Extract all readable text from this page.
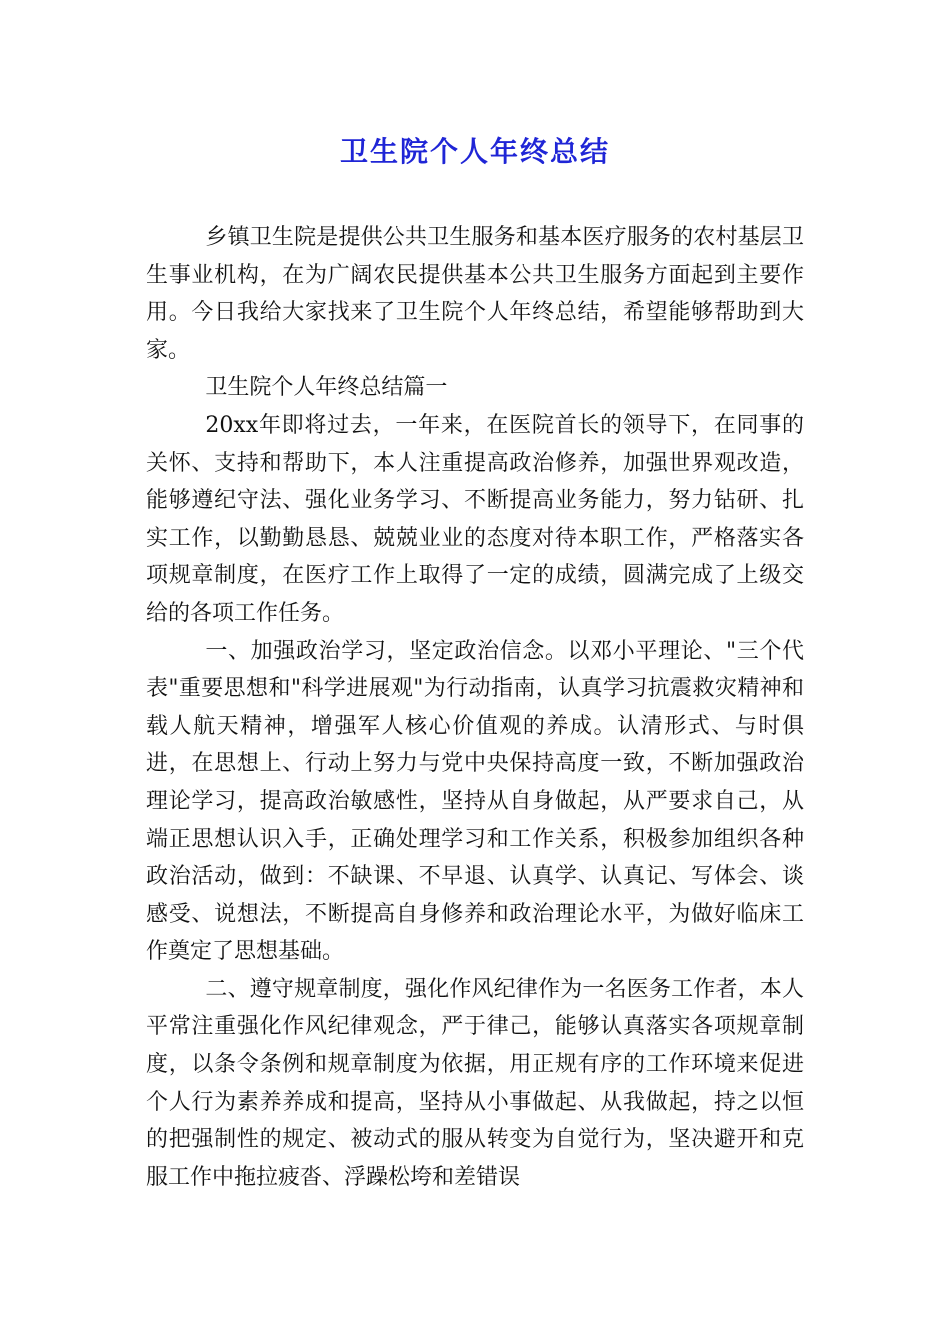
卫生院个人年终总结

乡镇卫生院是提供公共卫生服务和基本医疗服务的农村基层卫生事业机构，在为广阔农民提供基本公共卫生服务方面起到主要作用。今日我给大家找来了卫生院个人年终总结，希望能够帮助到大家。

卫生院个人年终总结篇一

20xx年即将过去，一年来，在医院首长的领导下，在同事的关怀、支持和帮助下，本人注重提高政治修养，加强世界观改造，能够遵纪守法、强化业务学习、不断提高业务能力，努力钻研、扎实工作，以勤勤恳恳、兢兢业业的态度对待本职工作，严格落实各项规章制度，在医疗工作上取得了一定的成绩，圆满完成了上级交给的各项工作任务。

一、加强政治学习，坚定政治信念。以邓小平理论、"三个代表"重要思想和"科学进展观"为行动指南，认真学习抗震救灾精神和载人航天精神，增强军人核心价值观的养成。认清形式、与时俱进，在思想上、行动上努力与党中央保持高度一致，不断加强政治理论学习，提高政治敏感性，坚持从自身做起，从严要求自己，从端正思想认识入手，正确处理学习和工作关系，积极参加组织各种政治活动，做到：不缺课、不早退、认真学、认真记、写体会、谈感受、说想法，不断提高自身修养和政治理论水平，为做好临床工作奠定了思想基础。

二、遵守规章制度，强化作风纪律作为一名医务工作者，本人平常注重强化作风纪律观念，严于律己，能够认真落实各项规章制度，以条令条例和规章制度为依据，用正规有序的工作环境来促进个人行为素养养成和提高，坚持从小事做起、从我做起，持之以恒的把强制性的规定、被动式的服从转变为自觉行为，坚决避开和克服工作中拖拉疲沓、浮躁松垮和差错误
